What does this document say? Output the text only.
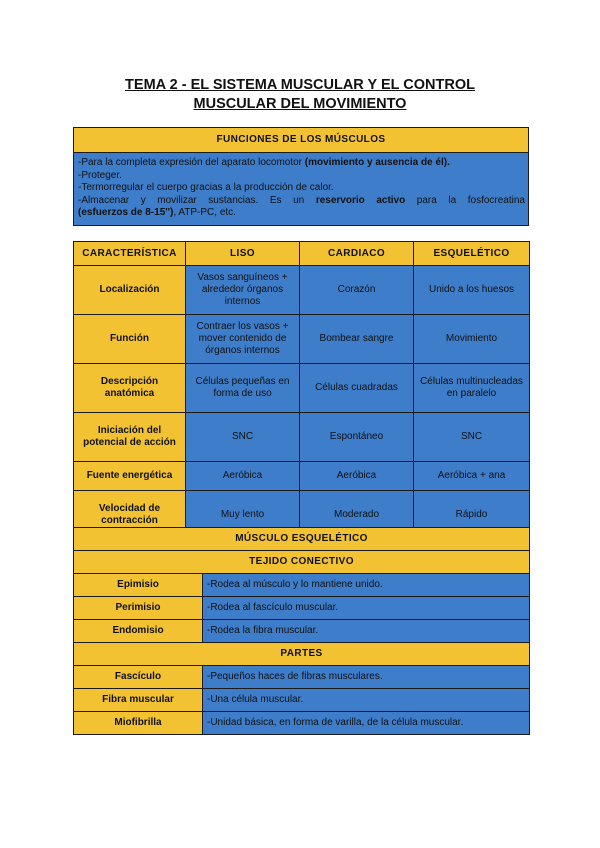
TEMA 2 - EL SISTEMA MUSCULAR Y EL CONTROL
MUSCULAR DEL MOVIMIENTO
FUNCIONES DE LOS MÚSCULOS

-Para la completa expresión del aparato locomotor (movimiento y ausencia de él).
-Proteger.
-Termorregular el cuerpo gracias a la producción de calor.
-Almacenar y movilizar sustancias. Es un reservorio activo para la fosfocreatina
(esfuerzos de 8-15''), ATP-PC, etc.
CARACTERÍSTICA	LISO	CARDIACO	ESQUELÉTICO
Localización	Vasos sanguíneos + alrededor órganos internos	Corazón	Unido a los huesos
Función	Contraer los vasos + mover contenido de órganos internos	Bombear sangre	Movimiento
Descripción anatómica	Células pequeñas en forma de uso	Células cuadradas	Células multinucleadas en paralelo
Iniciación del potencial de acción	SNC	Espontáneo	SNC
Fuente energética	Aeróbica	Aeróbica	Aeróbica + ana
Velocidad de contracción	Muy lento	Moderado	Rápido
MÚSCULO ESQUELÉTICO	
TEJIDO CONECTIVO	
Epimisio	-Rodea al músculo y lo mantiene unido.
Perimisio	-Rodea al fascículo muscular.
Endomisio	-Rodea la fibra muscular.
PARTES	
Fascículo	-Pequeños haces de fibras musculares.
Fibra muscular	-Una célula muscular.
Miofibrilla	-Unidad básica, en forma de varilla, de la célula muscular.
